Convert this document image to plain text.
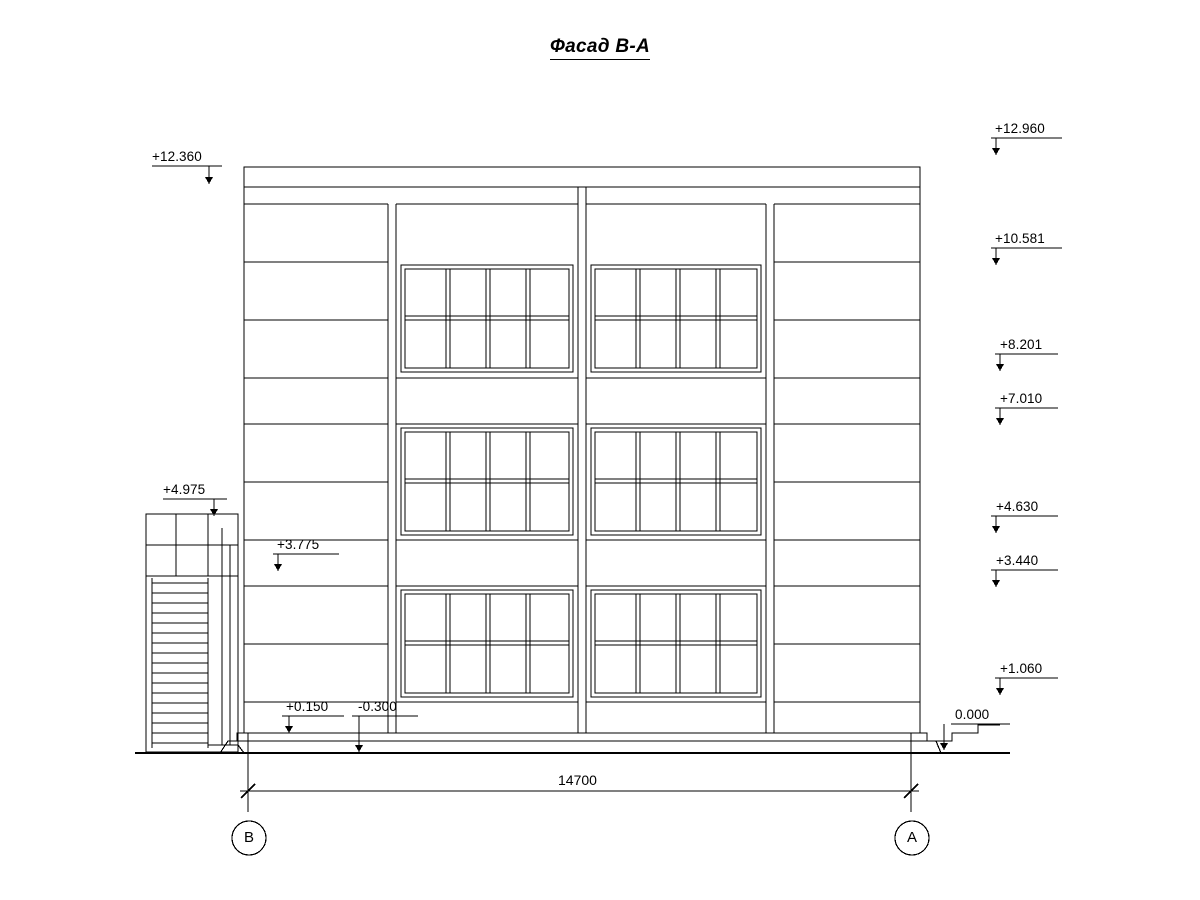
Фасад В-А
+12.360
+4.975
+3.775
+0.150 -0.300
+12.960
+10.581
+8.201
+7.010
+4.630
+3.440
+1.060
0.000
14700
В	А
